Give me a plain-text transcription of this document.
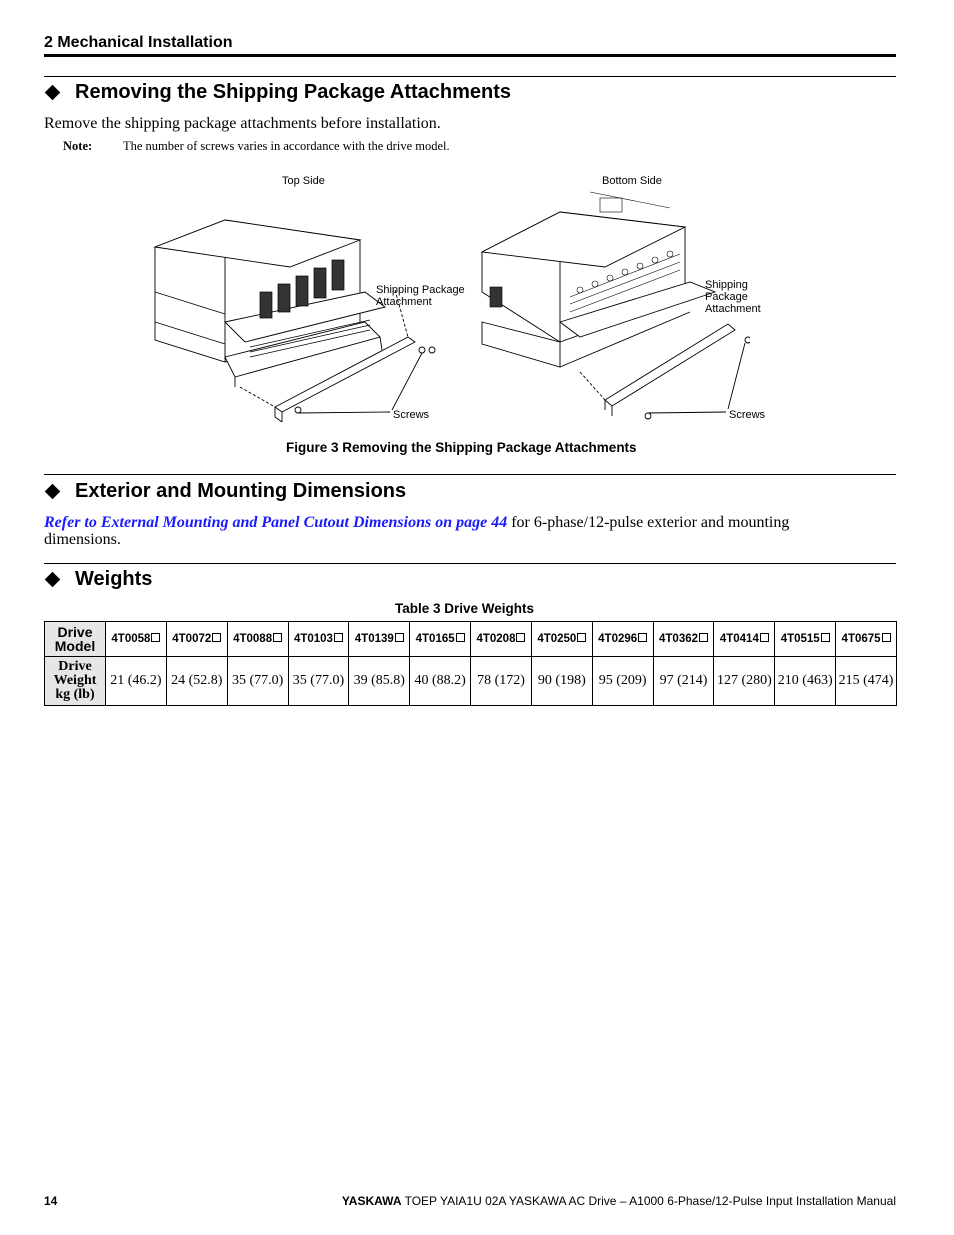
2 Mechanical Installation
Removing the Shipping Package Attachments
Remove the shipping package attachments before installation.
Note: The number of screws varies in accordance with the drive model.
Top Side	Bottom Side
Shipping Package
Attachment
Shipping Package
Attachment
Screws	Screws
Figure 3 Removing the Shipping Package Attachments
Exterior and Mounting Dimensions
Refer to External Mounting and Panel Cutout Dimensions on page 44 for 6-phase/12-pulse exterior and mounting
dimensions.
Weights
Table 3 Drive Weights
Drive
Model	4T0058	4T0072	4T0088	4T0103	4T0139	4T0165	4T0208	4T0250	4T0296	4T0362	4T0414	4T0515	4T0675

Drive
Weight
kg (lb)	21 (46.2)	24 (52.8)	35 (77.0)	35 (77.0)	39 (85.8)	40 (88.2)	78 (172)	90 (198)	95 (209)	97 (214)	127 (280)	210 (463)	215 (474)
14	YASKAWA TOEP YAIA1U 02A YASKAWA AC Drive – A1000 6-Phase/12-Pulse Input Installation Manual
